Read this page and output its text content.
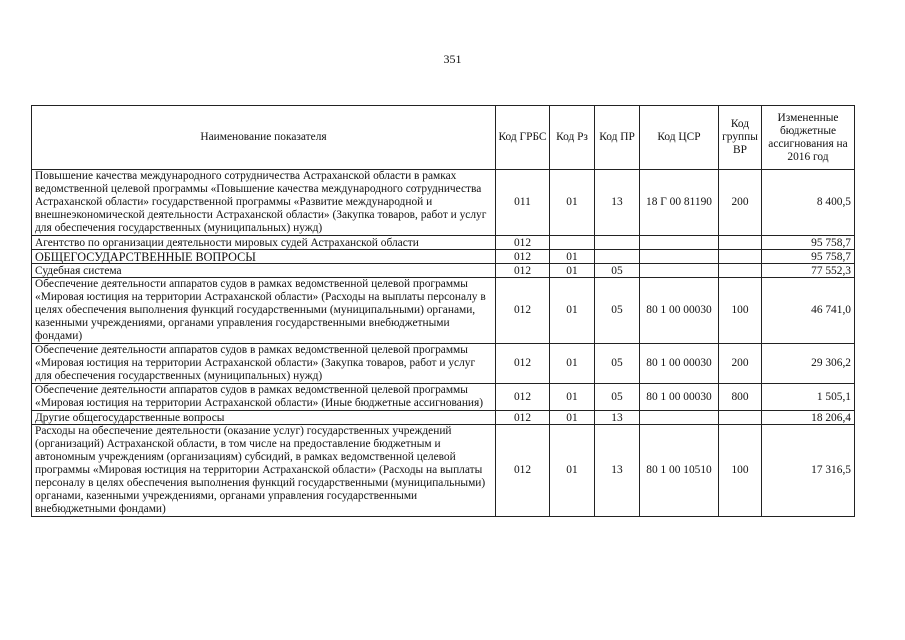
351
Наименование показателя	Код ГРБС	Код Рз	Код ПР	Код ЦСР	Код группы ВР	Измененные бюджетные ассигнования на 2016 год
Повышение качества международного сотрудничества Астраханской области в рамках ведомственной целевой программы «Повышение качества международного сотрудничества Астраханской области» государственной программы «Развитие международной и внешнеэкономической деятельности Астраханской области» (Закупка товаров, работ и услуг для обеспечения государственных (муниципальных) нужд)	011	01	13	18 Г 00 81190	200	8 400,5
Агентство по организации деятельности мировых судей Астраханской области	012					95 758,7
ОБЩЕГОСУДАРСТВЕННЫЕ ВОПРОСЫ	012	01				95 758,7
Судебная система	012	01	05			77 552,3
Обеспечение деятельности аппаратов судов в рамках ведомственной целевой программы «Мировая юстиция на территории Астраханской области» (Расходы на выплаты персоналу в целях обеспечения выполнения функций государственными (муниципальными) органами, казенными учреждениями, органами управления государственными внебюджетными фондами)	012	01	05	80 1 00 00030	100	46 741,0
Обеспечение деятельности аппаратов судов в рамках ведомственной целевой программы «Мировая юстиция на территории Астраханской области» (Закупка товаров, работ и услуг для обеспечения государственных (муниципальных) нужд)	012	01	05	80 1 00 00030	200	29 306,2
Обеспечение деятельности аппаратов судов в рамках ведомственной целевой программы «Мировая юстиция на территории Астраханской области» (Иные бюджетные ассигнования)	012	01	05	80 1 00 00030	800	1 505,1
Другие общегосударственные вопросы	012	01	13			18 206,4
Расходы на обеспечение деятельности (оказание услуг) государственных учреждений (организаций) Астраханской области, в том числе на предоставление бюджетным и автономным учреждениям (организациям) субсидий, в рамках ведомственной целевой программы «Мировая юстиция на территории Астраханской области» (Расходы на выплаты персоналу в целях обеспечения выполнения функций государственными (муниципальными) органами, казенными учреждениями, органами управления государственными внебюджетными фондами)	012	01	13	80 1 00 10510	100	17 316,5
